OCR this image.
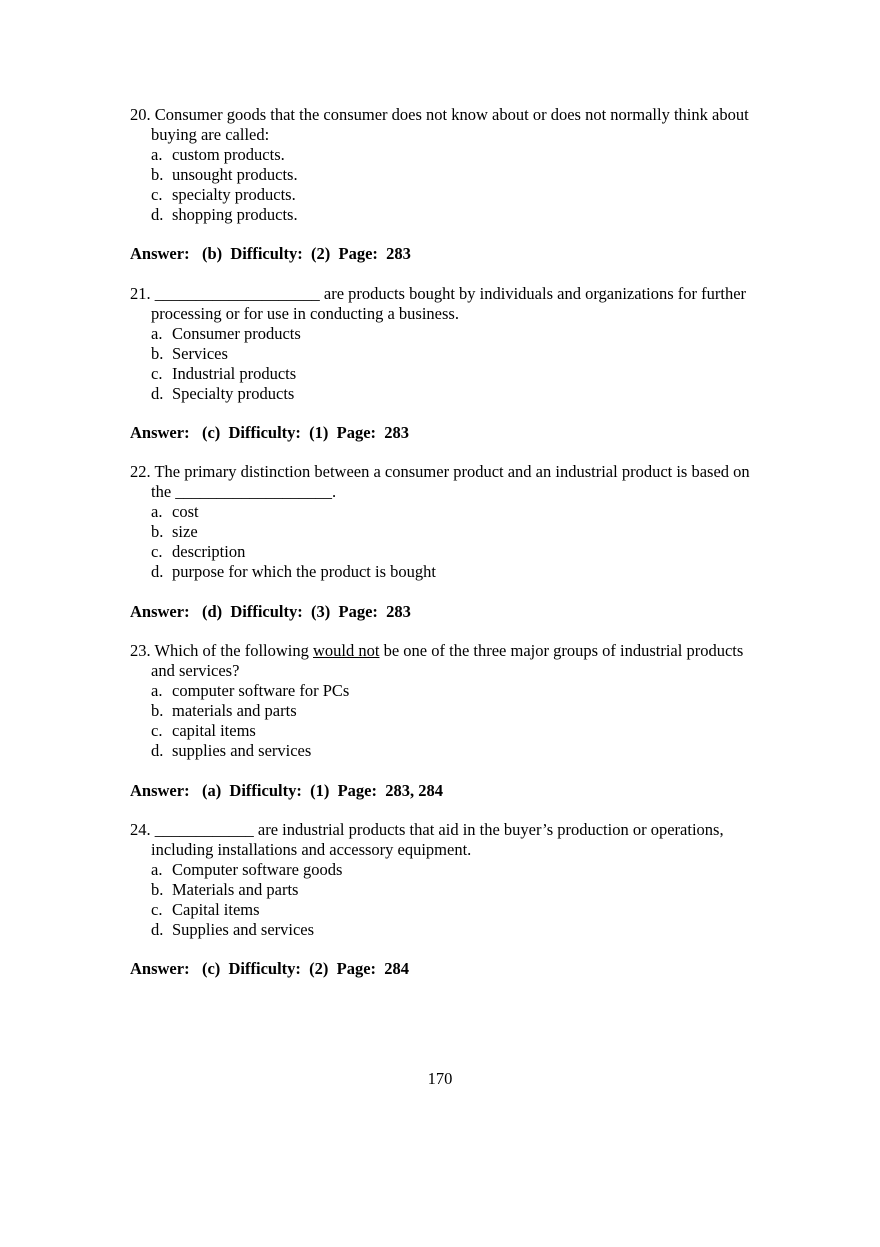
20. Consumer goods that the consumer does not know about or does not normally think about buying are called:
a. custom products.
b. unsought products.
c. specialty products.
d. shopping products.
Answer:   (b)  Difficulty:  (2)  Page:  283
21. ____________________ are products bought by individuals and organizations for further processing or for use in conducting a business.
a. Consumer products
b. Services
c. Industrial products
d. Specialty products
Answer:   (c)  Difficulty:  (1)  Page:  283
22. The primary distinction between a consumer product and an industrial product is based on the ___________________.
a. cost
b. size
c. description
d. purpose for which the product is bought
Answer:   (d)  Difficulty:  (3)  Page:  283
23. Which of the following would not be one of the three major groups of industrial products and services?
a. computer software for PCs
b. materials and parts
c. capital items
d. supplies and services
Answer:   (a)  Difficulty:  (1)  Page:  283, 284
24. ____________ are industrial products that aid in the buyer’s production or operations, including installations and accessory equipment.
a. Computer software goods
b. Materials and parts
c. Capital items
d. Supplies and services
Answer:   (c)  Difficulty:  (2)  Page:  284
170
